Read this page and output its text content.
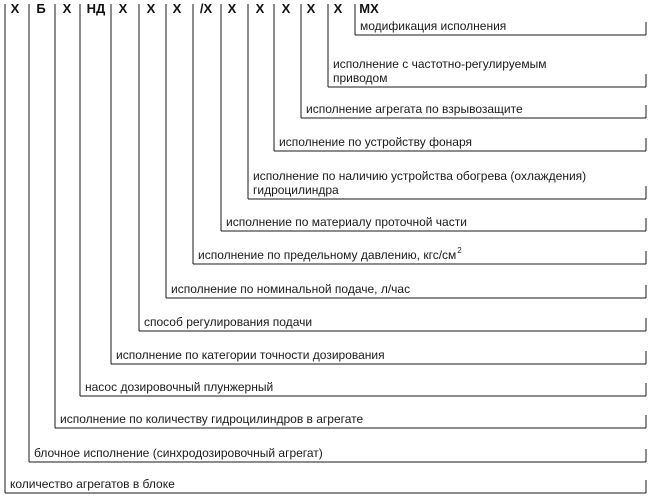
Х Б Х НД Х Х Х /Х Х Х Х Х Х МХ
модификация исполнения
исполнение с частотно-регулируемым
приводом
исполнение агрегата по взрывозащите
исполнение по устройству фонаря
исполнение по наличию устройства обогрева (охлаждения)
гидроцилиндра
исполнение по материалу проточной части
исполнение по предельному давлению, кгс/см 2
исполнение по номинальной подаче, л/час
способ регулирования подачи
исполнение по категории точности дозирования
насос дозировочный плунжерный
исполнение по количеству гидроцилиндров в агрегате
блочное исполнение (синхродозировочный агрегат)
количество агрегатов в блоке
